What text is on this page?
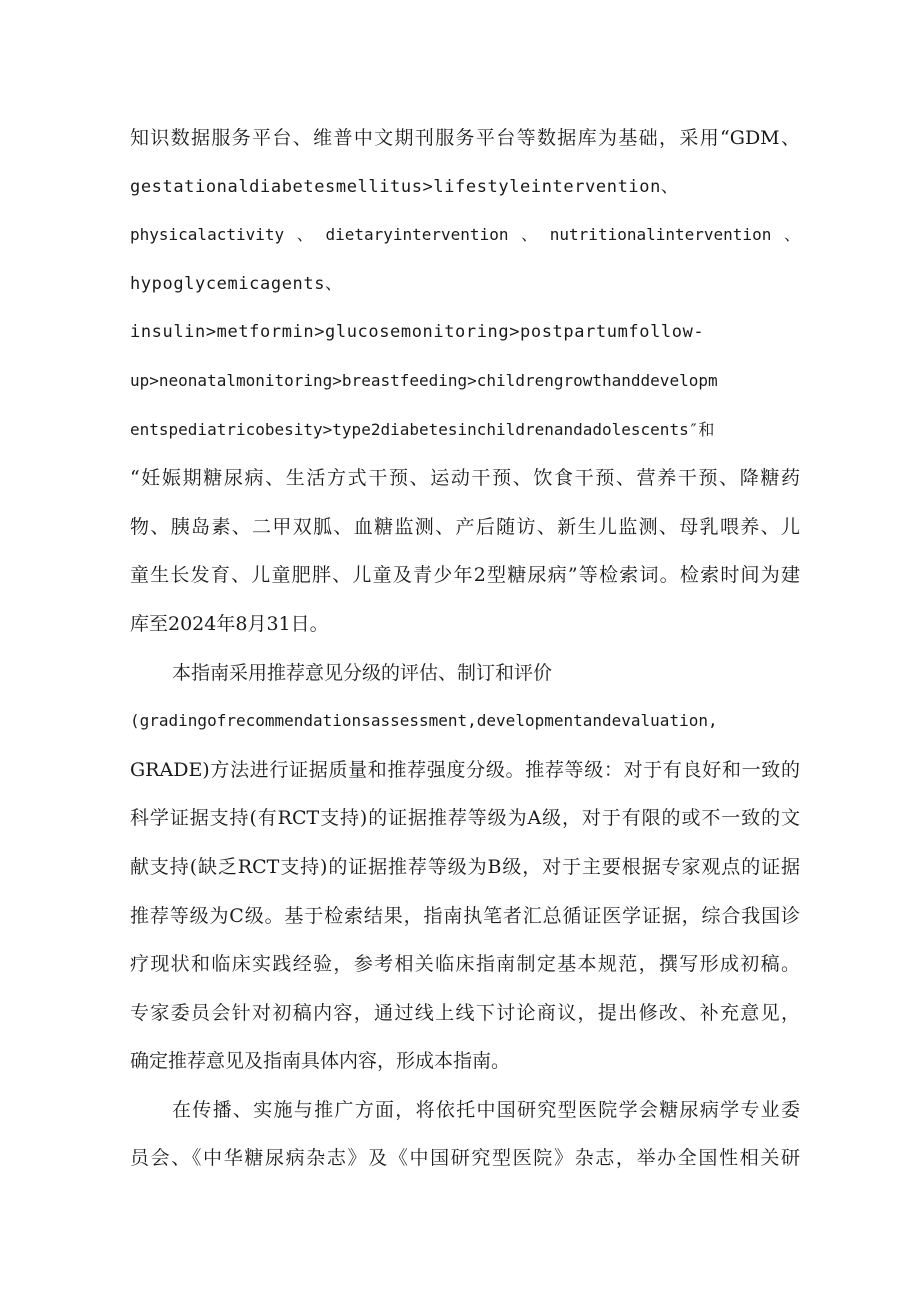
知识数据服务平台、维普中文期刊服务平台等数据库为基础，采用“GDM、
gestationaldiabetesmellitus>lifestyleintervention、
physicalactivity、dietaryintervention、nutritionalintervention、
hypoglycemicagents、
insulin>metformin>glucosemonitoring>postpartumfollow-
up>neonatalmonitoring>breastfeeding>childrengrowthanddevelopm
entspediatricobesity>type2diabetesinchildrenandadolescents″和
“妊娠期糖尿病、生活方式干预、运动干预、饮食干预、营养干预、降糖药
物、胰岛素、二甲双胍、血糖监测、产后随访、新生儿监测、母乳喂养、儿
童生长发育、儿童肥胖、儿童及青少年2型糖尿病”等检索词。检索时间为建
库至2024年8月31日。
本指南采用推荐意见分级的评估、制订和评价
(gradingofrecommendationsassessment,developmentandevaluation,
GRADE)方法进行证据质量和推荐强度分级。推荐等级：对于有良好和一致的
科学证据支持(有RCT支持)的证据推荐等级为A级，对于有限的或不一致的文
献支持(缺乏RCT支持)的证据推荐等级为B级，对于主要根据专家观点的证据
推荐等级为C级。基于检索结果，指南执笔者汇总循证医学证据，综合我国诊
疗现状和临床实践经验，参考相关临床指南制定基本规范，撰写形成初稿。
专家委员会针对初稿内容，通过线上线下讨论商议，提出修改、补充意见，
确定推荐意见及指南具体内容，形成本指南。
在传播、实施与推广方面，将依托中国研究型医院学会糖尿病学专业委
员会、《中华糖尿病杂志》及《中国研究型医院》杂志，举办全国性相关研
